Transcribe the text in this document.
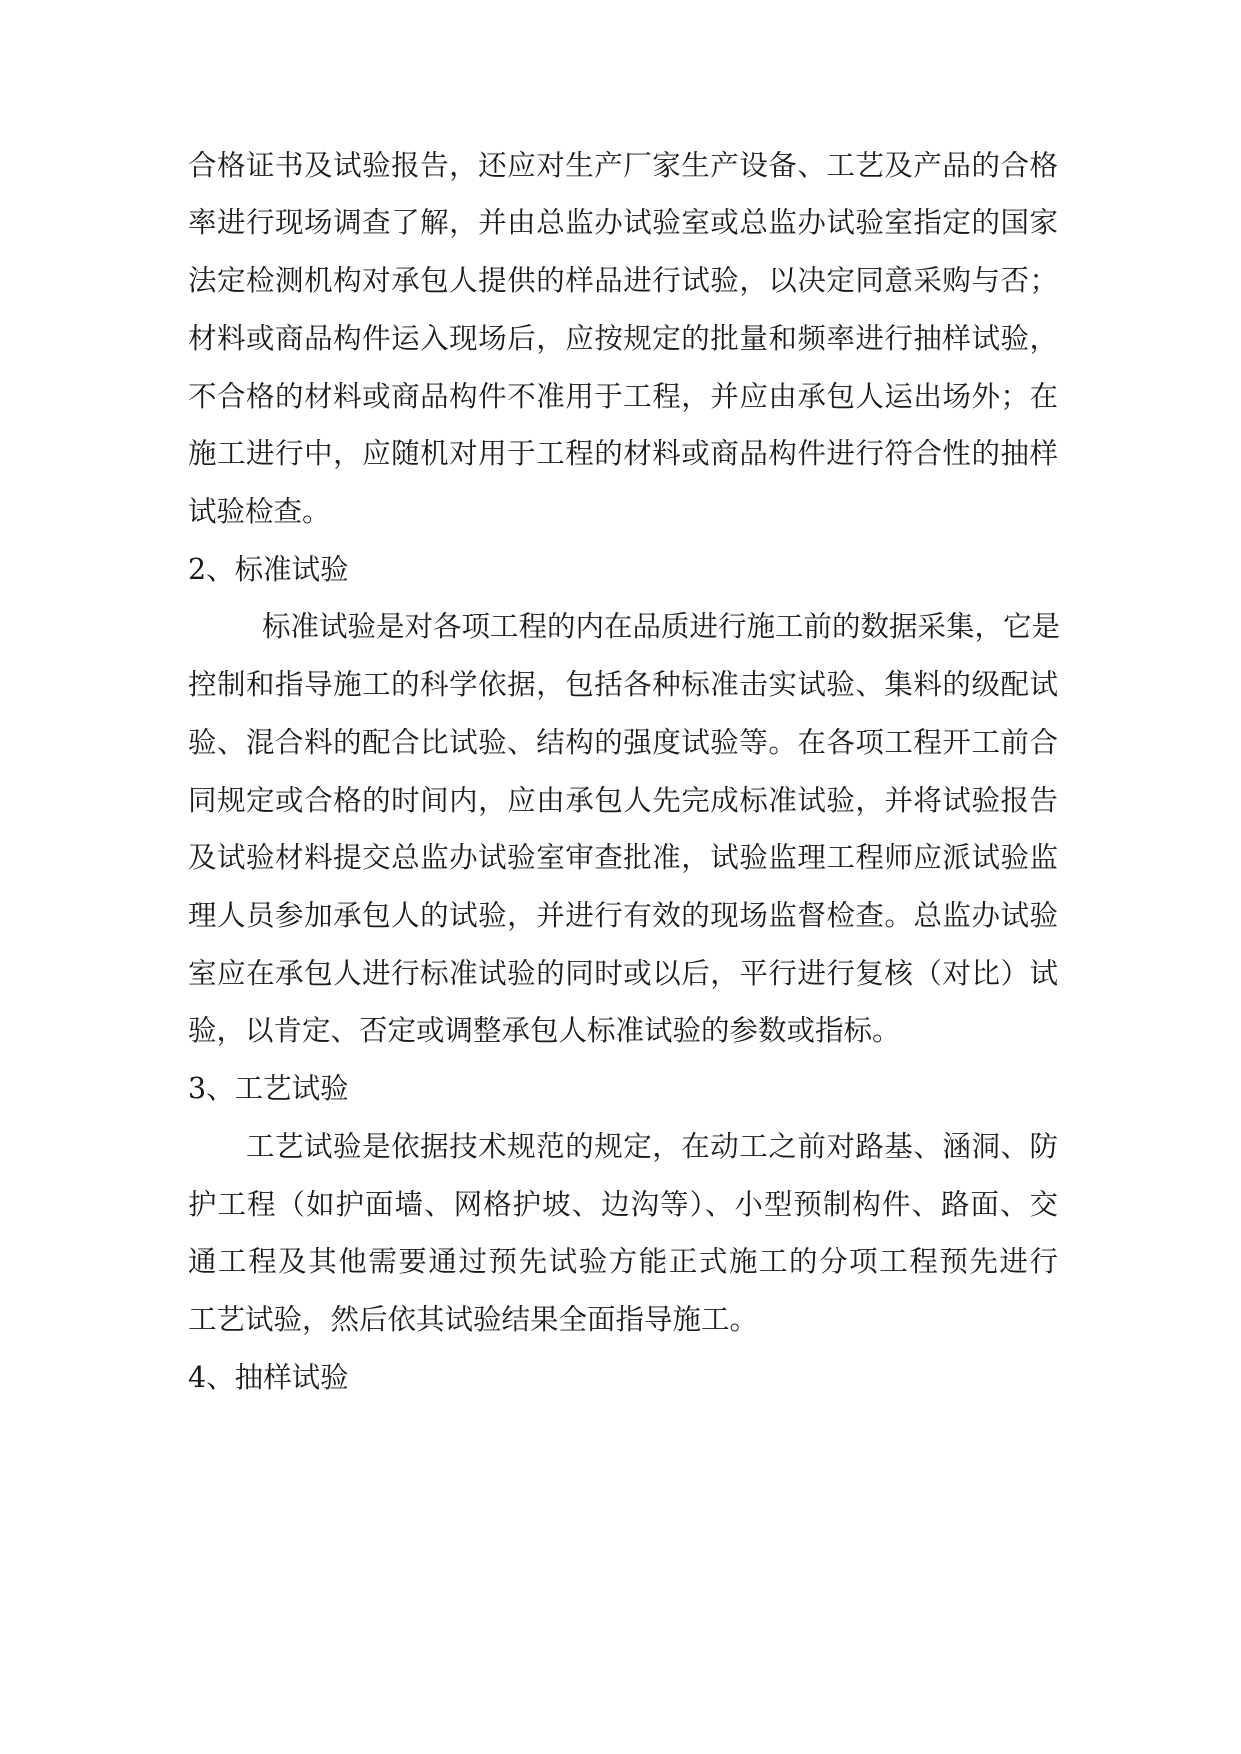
合格证书及试验报告，还应对生产厂家生产设备、工艺及产品的合格
率进行现场调查了解，并由总监办试验室或总监办试验室指定的国家
法定检测机构对承包人提供的样品进行试验，以决定同意采购与否；
材料或商品构件运入现场后，应按规定的批量和频率进行抽样试验，
不合格的材料或商品构件不准用于工程，并应由承包人运出场外；在
施工进行中，应随机对用于工程的材料或商品构件进行符合性的抽样
试验检查。
2、标准试验
标准试验是对各项工程的内在品质进行施工前的数据采集，它是
控制和指导施工的科学依据，包括各种标准击实试验、集料的级配试
验、混合料的配合比试验、结构的强度试验等。在各项工程开工前合
同规定或合格的时间内，应由承包人先完成标准试验，并将试验报告
及试验材料提交总监办试验室审查批准，试验监理工程师应派试验监
理人员参加承包人的试验，并进行有效的现场监督检查。总监办试验
室应在承包人进行标准试验的同时或以后，平行进行复核（对比）试
验，以肯定、否定或调整承包人标准试验的参数或指标。
3、工艺试验
工艺试验是依据技术规范的规定，在动工之前对路基、涵洞、防
护工程（如护面墙、网格护坡、边沟等）、小型预制构件、路面、交
通工程及其他需要通过预先试验方能正式施工的分项工程预先进行
工艺试验，然后依其试验结果全面指导施工。
4、抽样试验
